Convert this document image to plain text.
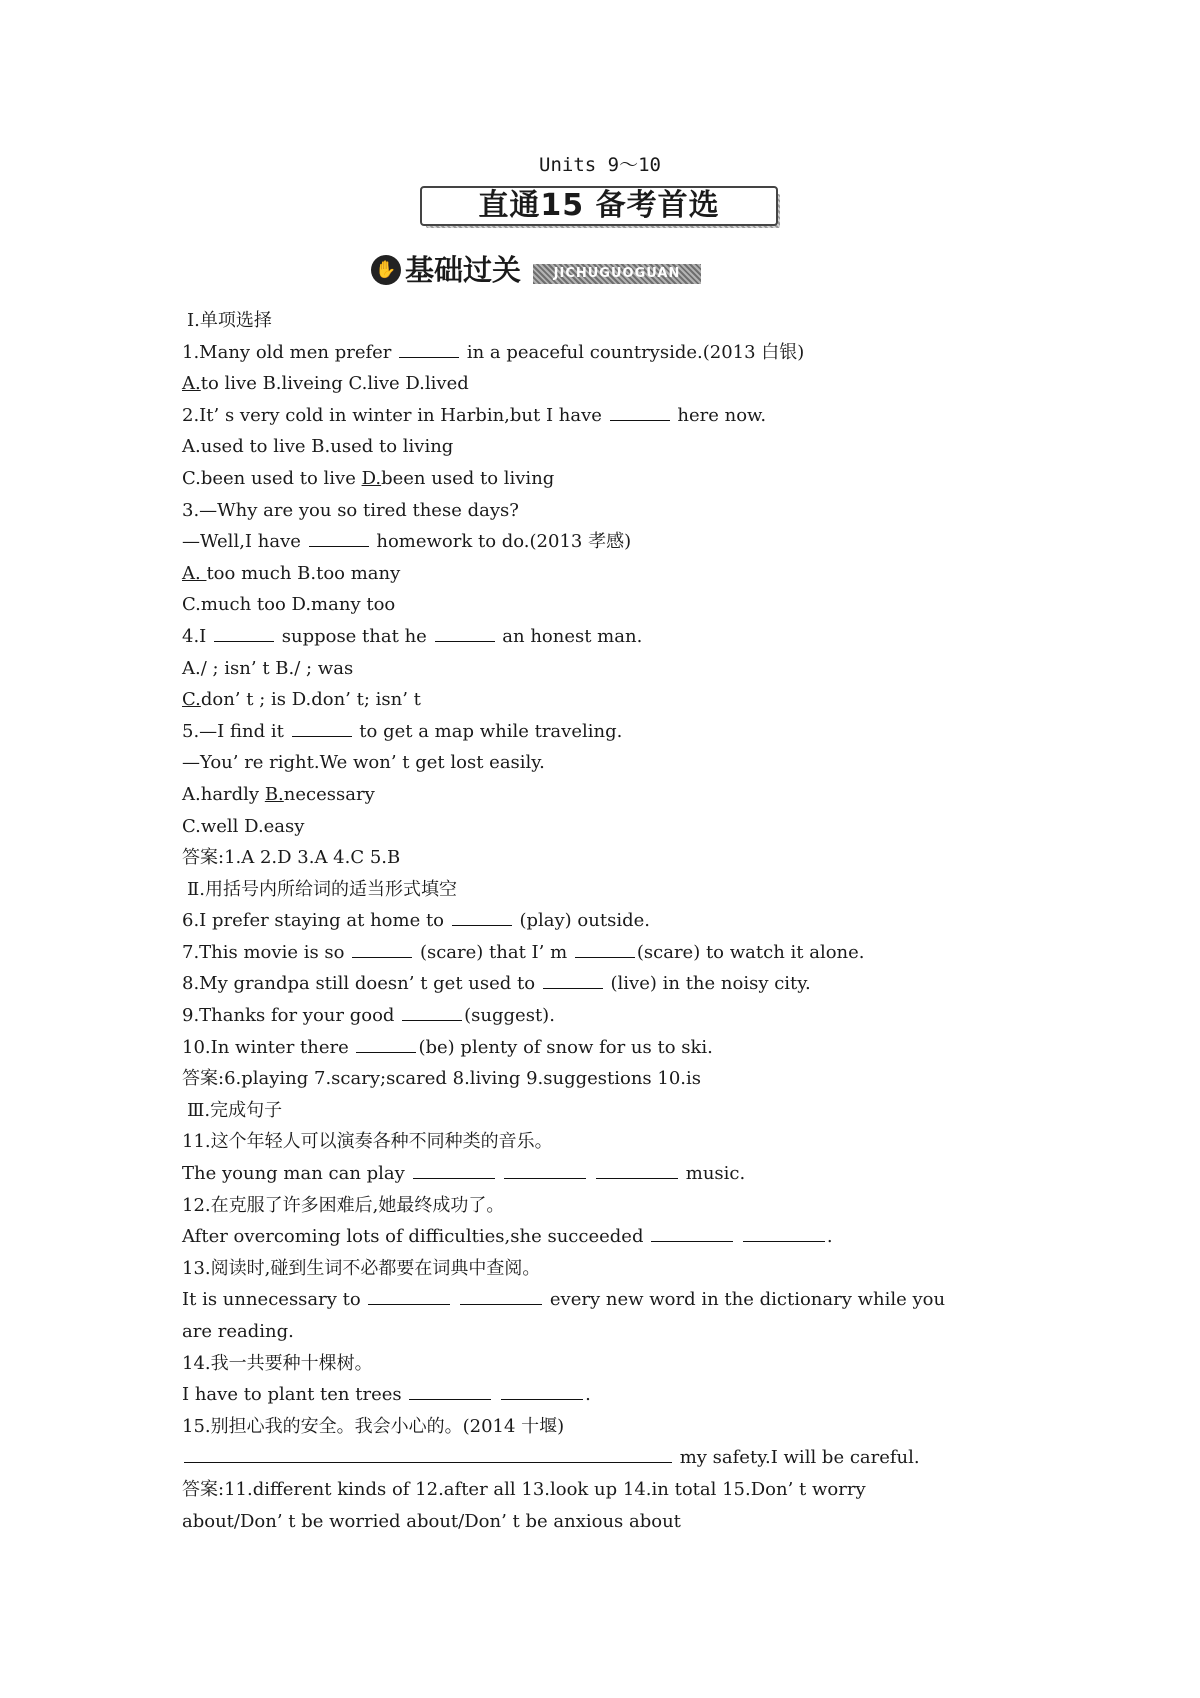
Units 9～10
直通15 备考首选
✋ 基础过关	JICHUGUOGUAN
Ⅰ.单项选择
1.Many old men prefer	in a peaceful countryside.(2013 白银)
A.to live B.liveing C.live D.lived
2.It’ s very cold in winter in Harbin,but I have	here now.
A.used to live B.used to living
C.been used to live D.been used to living
3.—Why are you so tired these days?
—Well,I have	homework to do.(2013 孝感)
A. too much B.too many
C.much too D.many too
4.I	suppose that he	an honest man.
A./ ; isn’ t B./ ; was
C.don’ t ; is D.don’ t; isn’ t
5.—I find it	to get a map while traveling.
—You’ re right.We won’ t get lost easily.
A.hardly B.necessary
C.well D.easy
答案:1.A 2.D 3.A 4.C 5.B
Ⅱ.用括号内所给词的适当形式填空
6.I prefer staying at home to	(play) outside.
7.This movie is so	(scare) that I’ m	(scare) to watch it alone.
8.My grandpa still doesn’ t get used to	(live) in the noisy city.
9.Thanks for your good	(suggest).
10.In winter there	(be) plenty of snow for us to ski.
答案:6.playing 7.scary;scared 8.living 9.suggestions 10.is
Ⅲ.完成句子
11.这个年轻人可以演奏各种不同种类的音乐。
The young man can play	music.
12.在克服了许多困难后,她最终成功了。
After overcoming lots of difficulties,she succeeded	.
13.阅读时,碰到生词不必都要在词典中查阅。
It is unnecessary to	every new word in the dictionary while you
are reading.
14.我一共要种十棵树。
I have to plant ten trees	.
15.别担心我的安全。我会小心的。(2014 十堰)
my safety.I will be careful.
答案:11.different kinds of 12.after all 13.look up 14.in total 15.Don’ t worry
about/Don’ t be worried about/Don’ t be anxious about
